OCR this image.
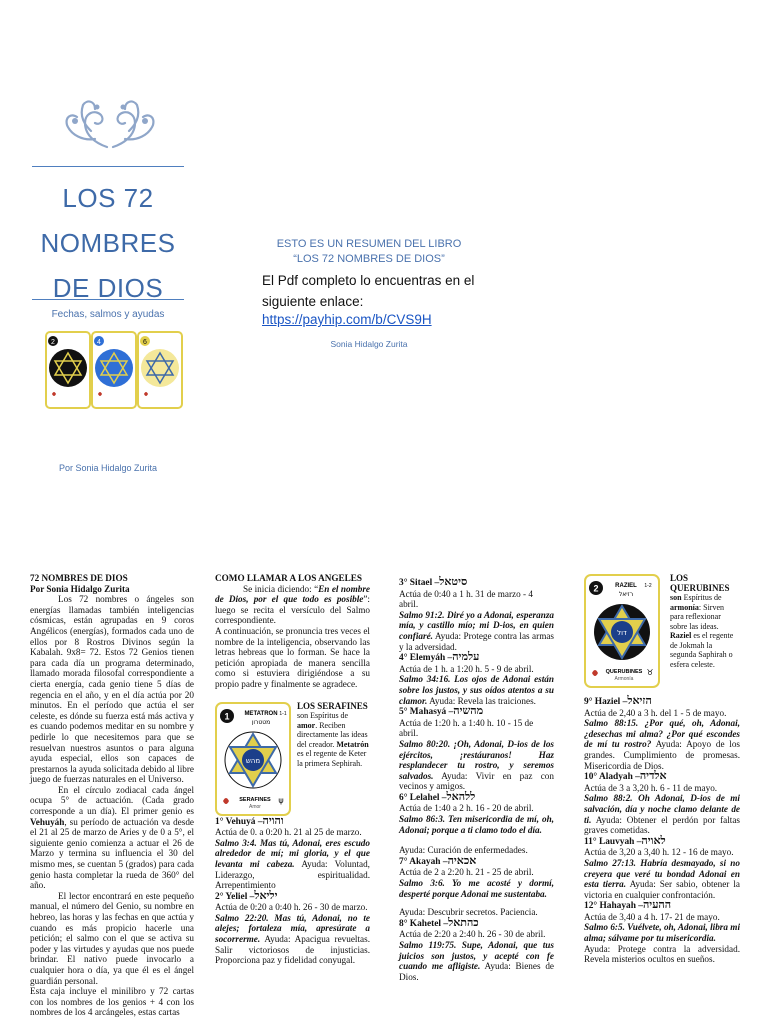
LOS 72
NOMBRES
DE DIOS
Fechas, salmos y ayudas
2	4	6
Por Sonia Hidalgo Zurita
ESTO ES UN RESUMEN DEL LIBRO
“LOS 72 NOMBRES DE DIOS”
El Pdf completo lo encuentras en el siguiente enlace:
https://payhip.com/b/CVS9H
Sonia Hidalgo Zurita

72 NOMBRES DE DIOS

Por Sonia Hidalgo Zurita

Los 72 nombres o ángeles son energías llamadas también inteligencias cósmicas, están agrupadas en 9 coros Angélicos (energías), formados cada uno de ellos por 8 Rostros Divinos según la Kabalah. 9x8= 72. Estos 72 Genios tienen para cada día un programa determinado, llamado morada filosofal correspondiente a cierta energía, cada genio tiene 5 días de regencia en el año, y en el día actúa por 20 minutos. En el período que actúa el ser celeste, es dónde su fuerza está más activa y es cuando podemos meditar en su nombre y pedirle lo que necesitemos para que se resuelvan nuestros asuntos o para alguna ayuda especial, ellos son capaces de prestarnos la ayuda solicitada debido al libre juego de fuerzas naturales en el Universo.

En el círculo zodiacal cada ángel ocupa 5° de actuación. (Cada grado corresponde a un día). El primer genio es Vehuyáh, su período de actuación va desde el 21 al 25 de marzo de Aries y de 0 a 5°, el siguiente genio comienza a actuar el 26 de Marzo y termina su influencia el 30 del mismo mes, se cuentan 5 (grados) para cada genio hasta completar la rueda de 360° del año.

El lector encontrará en este pequeño manual, el número del Genio, su nombre en hebreo, las horas y las fechas en que actúa y cuando es más propicio hacerle una petición; el salmo con el que se activa su poder y las virtudes y ayudas que nos puede brindar. El nativo puede invocarlo a cualquier hora o día, ya que él es el ángel guardián personal.

Esta caja incluye el minilibro y 72 cartas con los nombres de los genios + 4 con los nombres de los 4 arcángeles, estas cartas

COMO LLAMAR A LOS ANGELES

Se inicia diciendo: “En el nombre de Dios, por el que todo es posible”: luego se recita el versículo del Salmo correspondiente.

A continuación, se pronuncia tres veces el nombre de la inteligencia, observando las letras hebreas que lo forman. Se hace la petición apropiada de manera sencilla como si estuviera dirigiéndose a su propio padre y finalmente se agradece.

1 METATRON 1-1
מטטרון
מהש
SERAFINES
Amor
ψ

LOS SERAFINES

son Espíritus de amor. Reciben directamente las ideas del creador. Metatrón es el regente de Keter la primera Sephirah.

1° Vehuyá –והויה

Actúa de 0. a 0:20 h. 21 al 25 de marzo.

Salmo 3:4. Mas tú, Adonai, eres escudo alrededor de mí; mi gloria, y el que levanta mi cabeza. Ayuda: Voluntad, Liderazgo, espiritualidad. Arrepentimiento

2° Yeliel –יליאל

Actúa de 0:20 a 0:40 h. 26 - 30 de marzo.

Salmo 22:20. Mas tú, Adonai, no te alejes; fortaleza mía, apresúrate a socorrerme. Ayuda: Apacigua revueltas. Salir victoriosos de injusticias. Proporciona paz y fidelidad conyugal.

3° Sitael –סיטאל

Actúa de 0:40 a 1 h. 31 de marzo - 4 abril.

Salmo 91:2. Diré yo a Adonai, esperanza mía, y castillo mío; mi D-ios, en quien confiaré. Ayuda: Protege contra las armas y la adversidad.

4° Elemyáh –עלמיה

Actúa de 1 h. a 1:20 h. 5 - 9 de abril.

Salmo 34:16. Los ojos de Adonai están sobre los justos, y sus oídos atentos a su clamor. Ayuda: Revela las traiciones.

5° Mahasyá –מהשיה

Actúa de 1:20 h. a 1:40 h. 10 - 15 de abril.

Salmo 80:20. ¡Oh, Adonai, D-ios de los ejércitos, ¡restáuranos! Haz resplandecer tu rostro, y seremos salvados. Ayuda: Vivir en paz con vecinos y amigos.

6° Lelahel –ללהאל

Actúa de 1:40 a 2 h. 16 - 20 de abril.

Salmo 86:3. Ten misericordia de mí, oh, Adonai; porque a ti clamo todo el día.

Ayuda: Curación de enfermedades.

7° Akayah –אכאיה

Actúa de 2 a 2:20 h. 21 - 25 de abril.

Salmo 3:6. Yo me acosté y dormí, desperté porque Adonai me sustentaba.

Ayuda: Descubrir secretos. Paciencia.

8° Kahetel –כהתאל

Actúa de 2:20 a 2:40 h. 26 - 30 de abril.

Salmo 119:75. Supe, Adonai, que tus juicios son justos, y acepté con fe cuando me afligiste. Ayuda: Bienes de Dios.

2	RAZIEL 1-2
רזיאל
דול
QUERUBINES
Armonía
♉

LOS QUERUBINES

son Espíritus de armonía: Sirven para reflexionar sobre las ideas. Raziel es el regente de Jokmah la segunda Saphirah o esfera celeste.

9° Haziel –הזיאל

Actúa de 2,40 a 3 h. del 1 - 5 de mayo.

Salmo 88:15. ¿Por qué, oh, Adonai, ¿desechas mi alma? ¿Por qué escondes de mí tu rostro? Ayuda: Apoyo de los grandes. Cumplimiento de promesas. Misericordia de Dios.

10° Aladyah –אלדיה

Actúa de 3 a 3,20 h. 6 - 11 de mayo.

Salmo 88:2. Oh Adonai, D-ios de mi salvación, día y noche clamo delante de ti. Ayuda: Obtener el perdón por faltas graves cometidas.

11° Lauvyah –לאויה

Actúa de 3,20 a 3,40 h. 12 - 16 de mayo.

Salmo 27:13. Habría desmayado, si no creyera que veré tu bondad Adonai en esta tierra. Ayuda: Ser sabio, obtener la victoria en cualquier confrontación.

12° Hahayah –ההעיה

Actúa de 3,40 a 4 h. 17- 21 de mayo.

Salmo 6:5. Vuélvete, oh, Adonai, libra mi alma; sálvame por tu misericordia.

Ayuda: Protege contra la adversidad. Revela misterios ocultos en sueños.
